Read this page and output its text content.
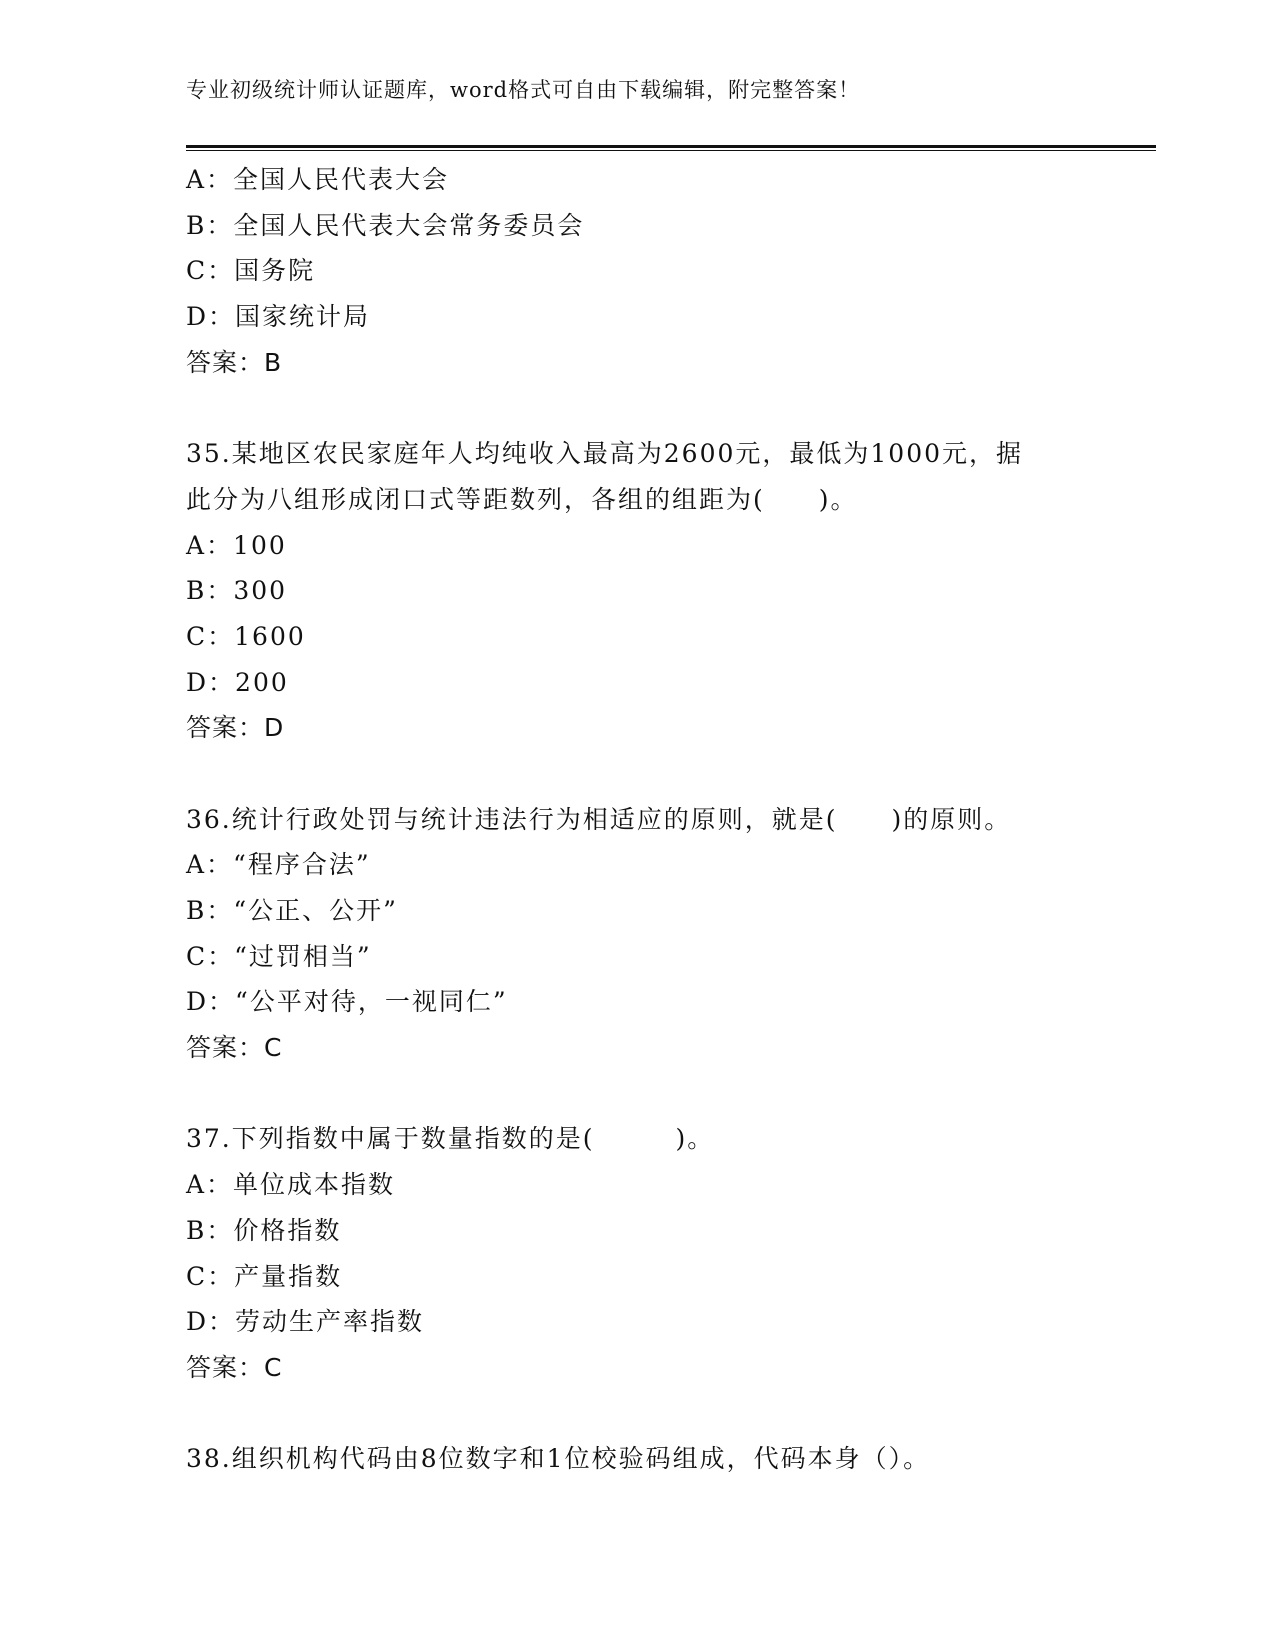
专业初级统计师认证题库，word格式可自由下载编辑，附完整答案！
A：全国人民代表大会
B：全国人民代表大会常务委员会
C：国务院
D：国家统计局
答案：B
35.某地区农民家庭年人均纯收入最高为2600元，最低为1000元，据
此分为八组形成闭口式等距数列，各组的组距为(　　)。
A：100
B：300
C：1600
D：200
答案：D
36.统计行政处罚与统计违法行为相适应的原则，就是(　　)的原则。
A：“程序合法”
B：“公正、公开”
C：“过罚相当”
D：“公平对待，一视同仁”
答案：C
37.下列指数中属于数量指数的是(　　　)。
A：单位成本指数
B：价格指数
C：产量指数
D：劳动生产率指数
答案：C
38.组织机构代码由8位数字和1位校验码组成，代码本身（）。
